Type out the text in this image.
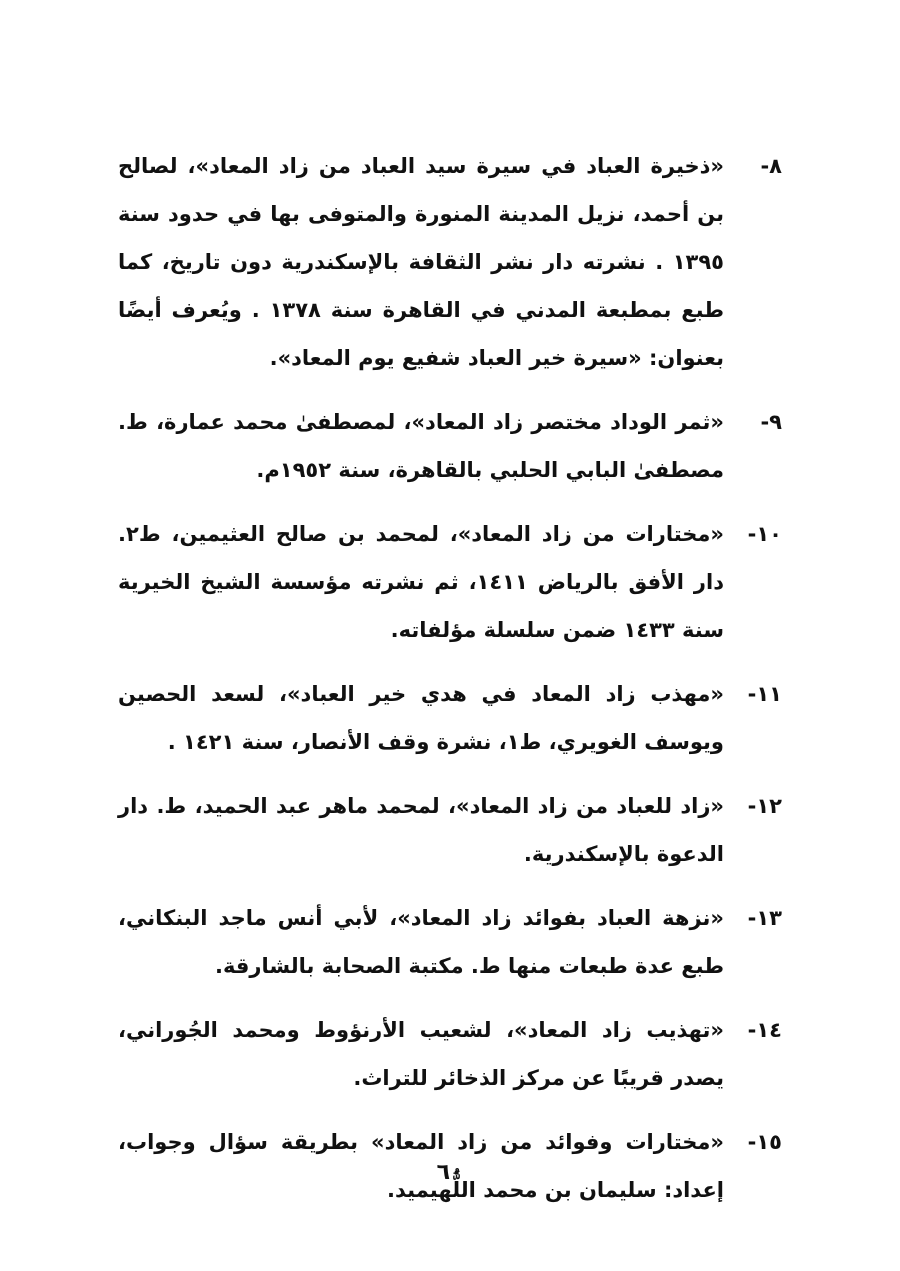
٨-
«ذخيرة العباد في سيرة سيد العباد من زاد المعاد»، لصالح بن أحمد، نزيل المدينة المنورة والمتوفى بها في حدود سنة ١٣٩٥ . نشرته دار نشر الثقافة بالإسكندرية دون تاريخ، كما طبع بمطبعة المدني في القاهرة سنة ١٣٧٨ . ويُعرف أيضًا بعنوان: «سيرة خير العباد شفيع يوم المعاد».
٩-
«ثمر الوداد مختصر زاد المعاد»، لمصطفىٰ محمد عمارة، ط. مصطفىٰ البابي الحلبي بالقاهرة، سنة ١٩٥٢م.
١٠-
«مختارات من زاد المعاد»، لمحمد بن صالح العثيمين، ط٢. دار الأفق بالرياض ١٤١١، ثم نشرته مؤسسة الشيخ الخيرية سنة ١٤٣٣ ضمن سلسلة مؤلفاته.
١١-
«مهذب زاد المعاد في هدي خير العباد»، لسعد الحصين ويوسف الغويري، ط١، نشرة وقف الأنصار، سنة ١٤٢١ .
١٢-
«زاد للعباد من زاد المعاد»، لمحمد ماهر عبد الحميد، ط. دار الدعوة بالإسكندرية.
١٣-
«نزهة العباد بفوائد زاد المعاد»، لأبي أنس ماجد البنكاني، طبع عدة طبعات منها ط. مكتبة الصحابة بالشارقة.
١٤-
«تهذيب زاد المعاد»، لشعيب الأرنؤوط ومحمد الجُوراني، يصدر قريبًا عن مركز الذخائر للتراث.
١٥-
«مختارات وفوائد من زاد المعاد» بطريقة سؤال وجواب، إعداد: سليمان بن محمد اللُّهيميد.
٦٠
